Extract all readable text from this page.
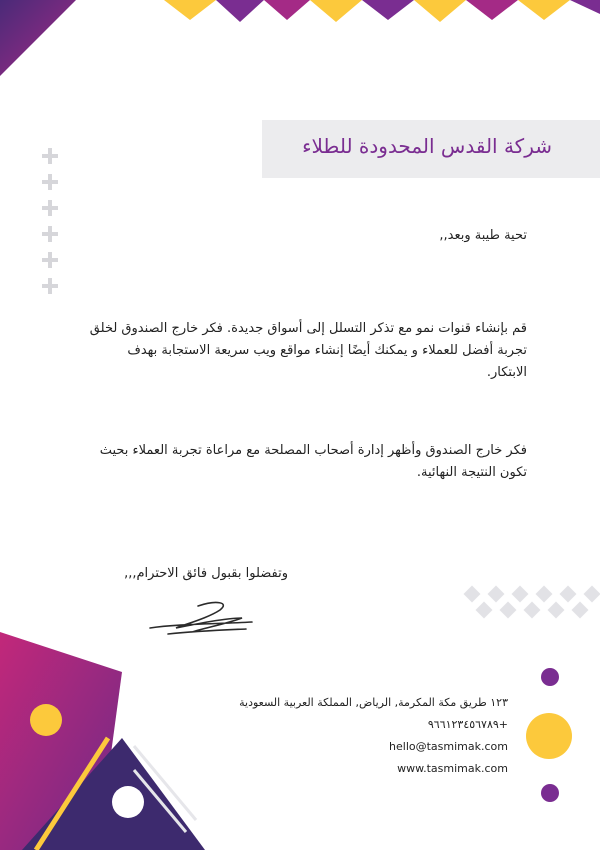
شركة القدس المحدودة للطلاء
تحية طيبة وبعد,,
قم بإنشاء قنوات نمو مع تذكر التسلل إلى أسواق جديدة. فكر خارج الصندوق لخلق تجربة أفضل للعملاء و يمكنك أيضًا إنشاء مواقع ويب سريعة الاستجابة بهدف الابتكار.
فكر خارج الصندوق وأظهر إدارة أصحاب المصلحة مع مراعاة تجربة العملاء بحيث تكون النتيجة النهائية.
وتفضلوا بقبول فائق الاحترام,,,
١٢٣ طريق مكة المكرمة, الرياض, المملكة العربية السعودية
+٩٦٦١٢٣٤٥٦٧٨٩
hello@tasmimak.com
www.tasmimak.com
